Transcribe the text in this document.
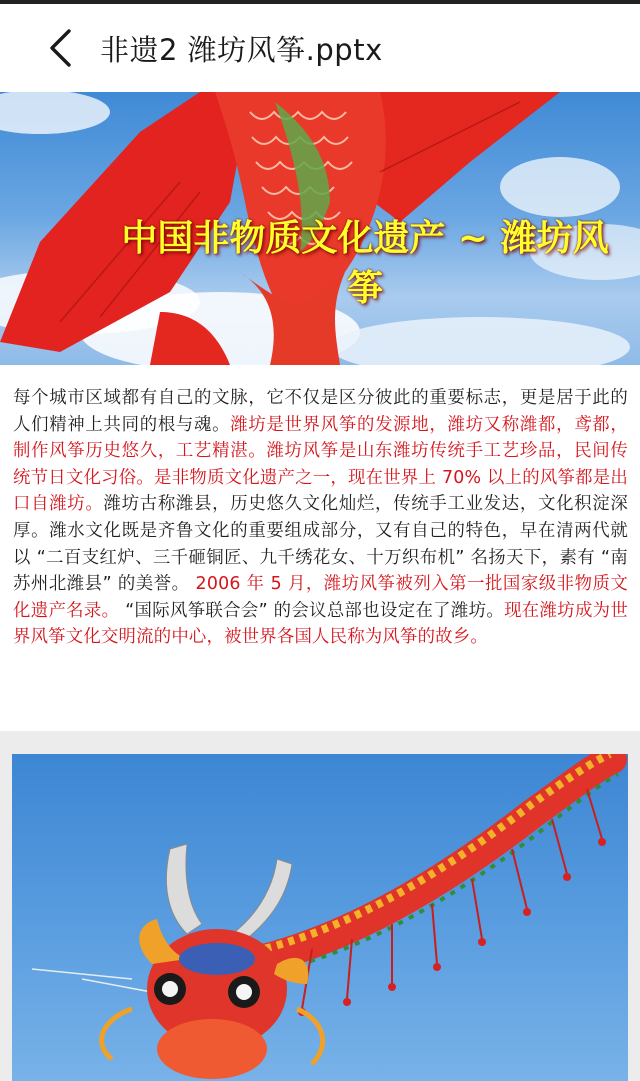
非遗2 潍坊风筝.pptx
中国非物质文化遗产 ~ 潍坊风筝
每个城市区域都有自己的文脉，它不仅是区分彼此的重要标志，更是居于此的人们精神上共同的根与魂。潍坊是世界风筝的发源地，潍坊又称潍都，鸢都，制作风筝历史悠久，工艺精湛。潍坊风筝是山东潍坊传统手工艺珍品，民间传统节日文化习俗。是非物质文化遗产之一，现在世界上 70% 以上的风筝都是出口自潍坊。潍坊古称潍县，历史悠久文化灿烂，传统手工业发达，文化积淀深厚。潍水文化既是齐鲁文化的重要组成部分，又有自己的特色，早在清两代就以 “二百支红炉、三千砸铜匠、九千绣花女、十万织布机” 名扬天下，素有 “南苏州北潍县” 的美誉。 2006 年 5 月，潍坊风筝被列入第一批国家级非物质文化遗产名录。 “国际风筝联合会” 的会议总部也设定在了潍坊。现在潍坊成为世界风筝文化交明流的中心，被世界各国人民称为风筝的故乡。
